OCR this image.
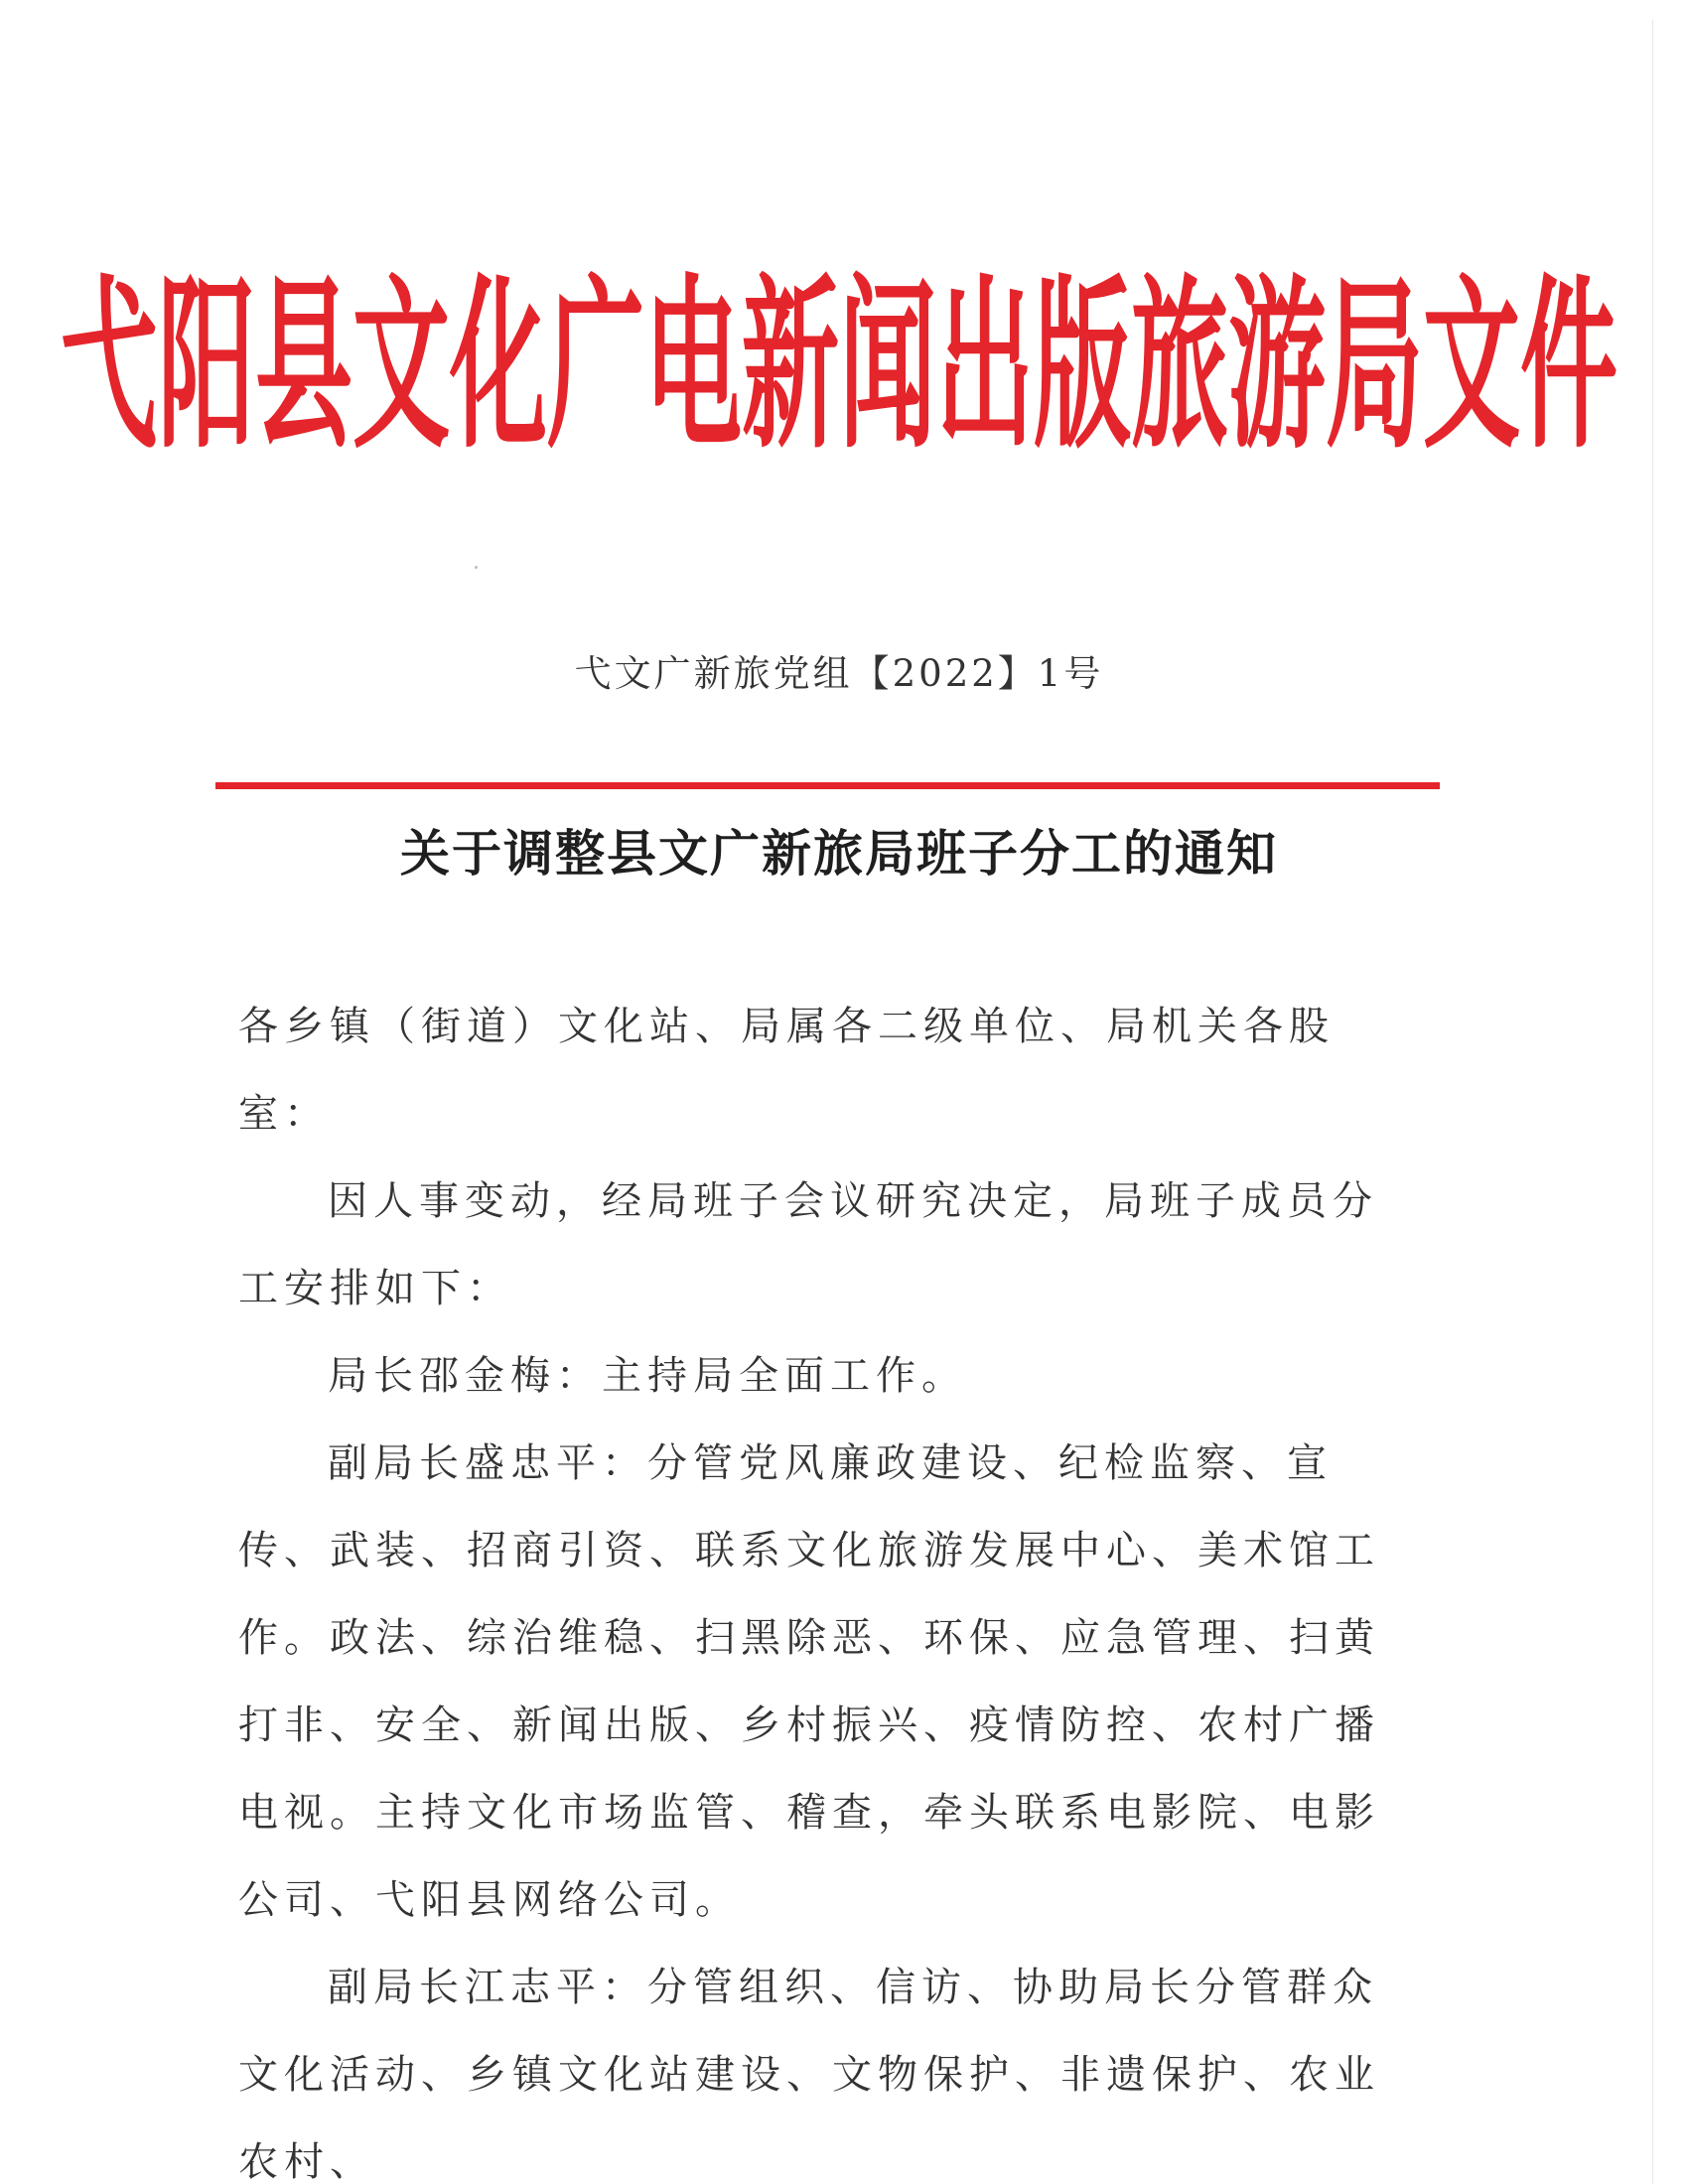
弋阳县文化广电新闻出版旅游局文件
弋文广新旅党组【2022】1号
关于调整县文广新旅局班子分工的通知

各乡镇（街道）文化站、局属各二级单位、局机关各股室：

因人事变动，经局班子会议研究决定，局班子成员分工安排如下：

局长邵金梅：主持局全面工作。

副局长盛忠平：分管党风廉政建设、纪检监察、宣传、武装、招商引资、联系文化旅游发展中心、美术馆工作。政法、综治维稳、扫黑除恶、环保、应急管理、扫黄打非、安全、新闻出版、乡村振兴、疫情防控、农村广播电视。主持文化市场监管、稽查，牵头联系电影院、电影公司、弋阳县网络公司。

副局长江志平：分管组织、信访、协助局长分管群众文化活动、乡镇文化站建设、文物保护、非遗保护、农业农村、
